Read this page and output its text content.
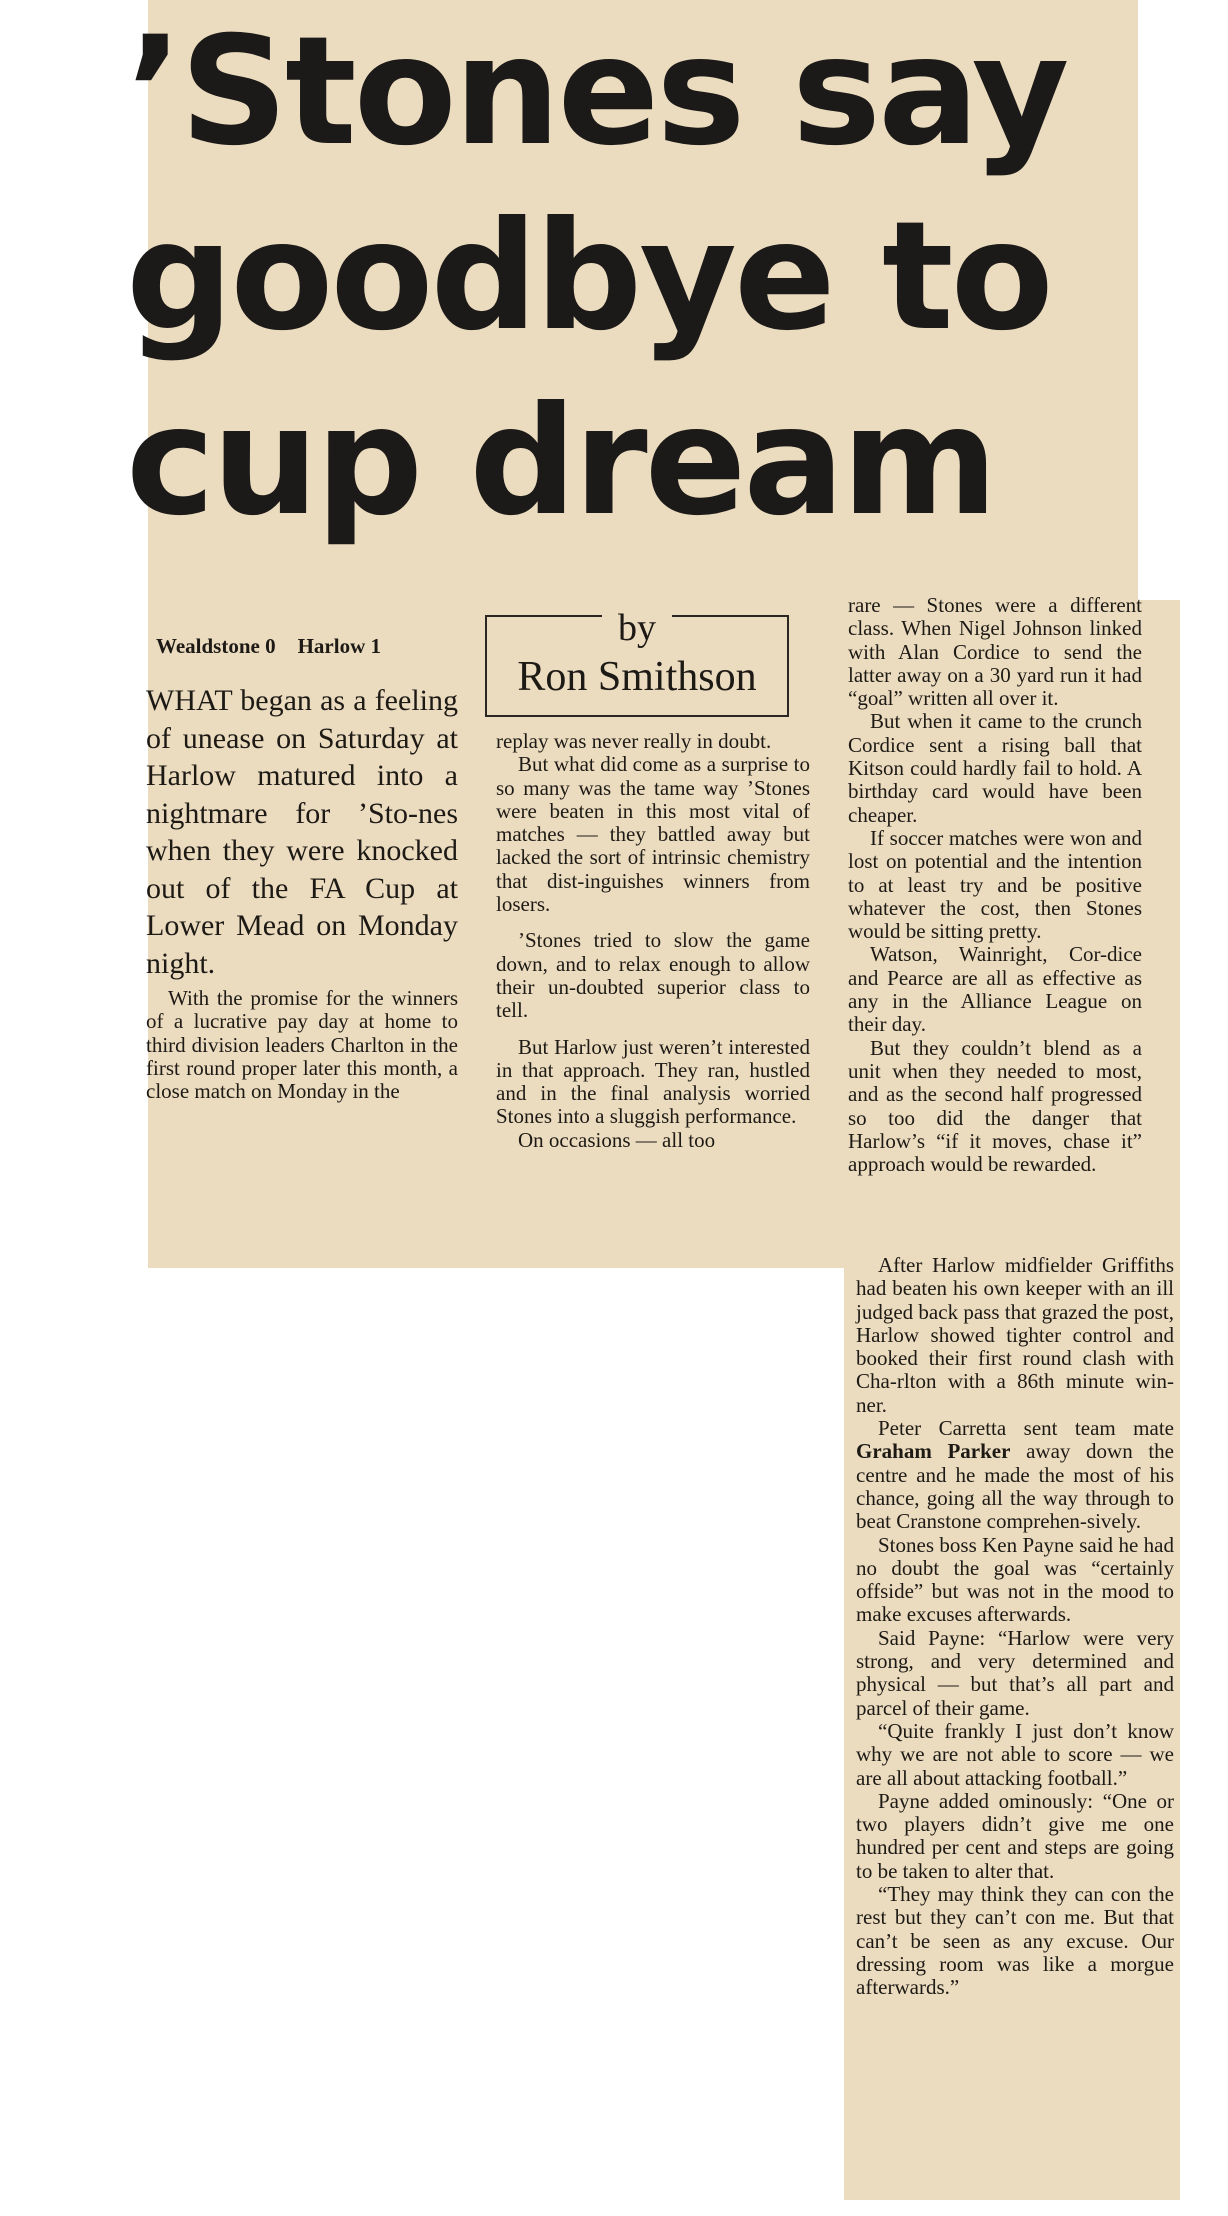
’Stones say
goodbye to
cup dream
Wealdstone 0 Harlow 1	by
Ron Smithson

WHAT began as a feeling of unease on Saturday at Harlow matured into a nightmare for ’Sto-nes when they were knocked out of the FA Cup at Lower Mead on Monday night.

With the promise for the winners of a lucrative pay day at home to third division leaders Charlton in the first round proper later this month, a close match on Monday in the

replay was never really in doubt.

But what did come as a surprise to so many was the tame way ’Stones were beaten in this most vital of matches — they battled away but lacked the sort of intrinsic chemistry that dist-inguishes winners from losers.

’Stones tried to slow the game down, and to relax enough to allow their un-doubted superior class to tell.

But Harlow just weren’t interested in that approach. They ran, hustled and in the final analysis worried Stones into a sluggish performance.

On occasions — all too

rare — Stones were a different class. When Nigel Johnson linked with Alan Cordice to send the latter away on a 30 yard run it had “goal” written all over it.

But when it came to the crunch Cordice sent a rising ball that Kitson could hardly fail to hold. A birthday card would have been cheaper.

If soccer matches were won and lost on potential and the intention to at least try and be positive whatever the cost, then Stones would be sitting pretty.

Watson, Wainright, Cor-dice and Pearce are all as effective as any in the Alliance League on their day.

But they couldn’t blend as a unit when they needed to most, and as the second half progressed so too did the danger that Harlow’s “if it moves, chase it” approach would be rewarded.

After Harlow midfielder Griffiths had beaten his own keeper with an ill judged back pass that grazed the post, Harlow showed tighter control and booked their first round clash with Cha-rlton with a 86th minute win-ner.

Peter Carretta sent team mate Graham Parker away down the centre and he made the most of his chance, going all the way through to beat Cranstone comprehen-sively.

Stones boss Ken Payne said he had no doubt the goal was “certainly offside” but was not in the mood to make excuses afterwards.

Said Payne: “Harlow were very strong, and very determined and physical — but that’s all part and parcel of their game.

“Quite frankly I just don’t know why we are not able to score — we are all about attacking football.”

Payne added ominously: “One or two players didn’t give me one hundred per cent and steps are going to be taken to alter that.

“They may think they can con the rest but they can’t con me. But that can’t be seen as any excuse. Our dressing room was like a morgue afterwards.”
